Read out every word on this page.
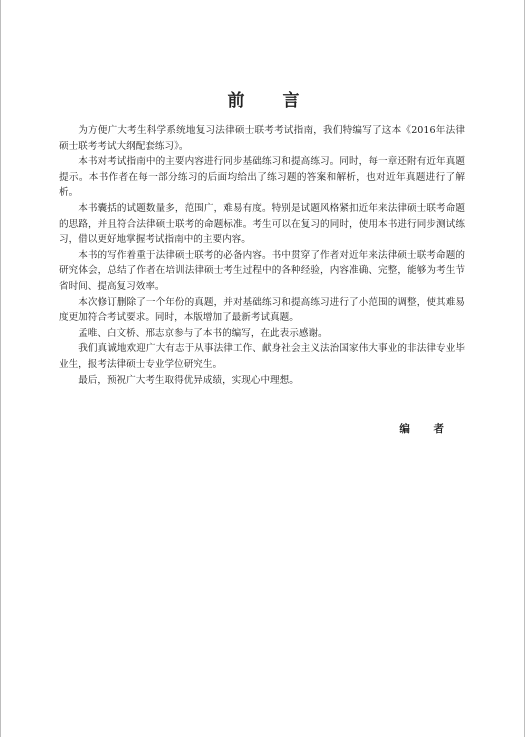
前 言

为方便广大考生科学系统地复习法律硕士联考考试指南，我们特编写了这本《2016年法律硕士联考考试大纲配套练习》。

本书对考试指南中的主要内容进行同步基础练习和提高练习。同时，每一章还附有近年真题提示。本书作者在每一部分练习的后面均给出了练习题的答案和解析，也对近年真题进行了解析。

本书囊括的试题数量多，范围广，难易有度。特别是试题风格紧扣近年来法律硕士联考命题的思路，并且符合法律硕士联考的命题标准。考生可以在复习的同时，使用本书进行同步测试练习，借以更好地掌握考试指南中的主要内容。

本书的写作着重于法律硕士联考的必备内容。书中贯穿了作者对近年来法律硕士联考命题的研究体会，总结了作者在培训法律硕士考生过程中的各种经验，内容准确、完整，能够为考生节省时间、提高复习效率。

本次修订删除了一个年份的真题，并对基础练习和提高练习进行了小范围的调整，使其难易度更加符合考试要求。同时，本版增加了最新考试真题。

孟唯、白文桥、邢志京参与了本书的编写，在此表示感谢。

我们真诚地欢迎广大有志于从事法律工作、献身社会主义法治国家伟大事业的非法律专业毕业生，报考法律硕士专业学位研究生。

最后，预祝广大考生取得优异成绩，实现心中理想。

编 者
